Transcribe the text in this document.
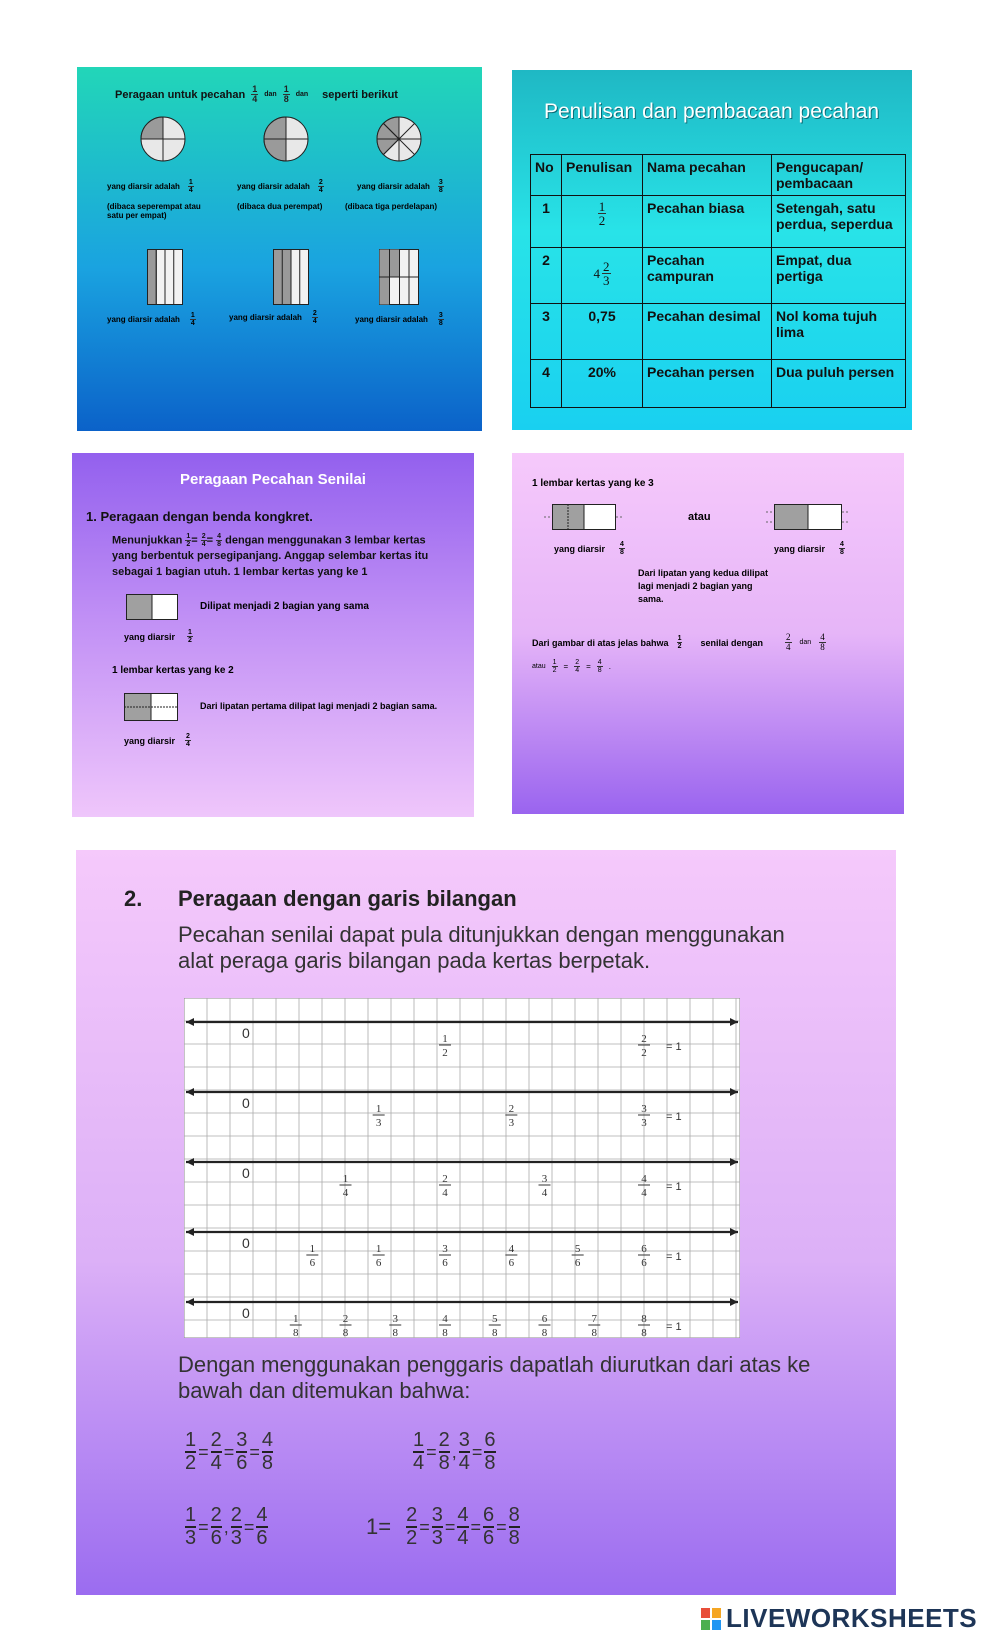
Peragaan untuk pecahan $\frac{1}{4}$ dan $\frac{1}{8}$ dan seperti berikut
yang diarsir adalah $\frac{1}{4}$	yang diarsir adalah $\frac{2}{4}$	yang diarsir adalah $\frac{3}{8}$
(dibaca seperempat atau satu per empat)
(dibaca dua perempat)	(dibaca tiga perdelapan)
yang diarsir adalah $\frac{1}{4}$	yang diarsir adalah $\frac{2}{4}$	yang diarsir adalah $\frac{3}{8}$
Penulisan dan pembacaan pecahan
No	Penulisan	Nama pecahan	Pengucapan/ pembacaan
1	$\frac{1}{2}$	Pecahan biasa	Setengah, satu perdua, seperdua
2	$4 \frac{2}{3}$	Pecahan campuran	Empat, dua pertiga
3	0,75	Pecahan desimal	Nol koma tujuh lima
4	20%	Pecahan persen	Dua puluh persen
Peragaan Pecahan Senilai
1. Peragaan dengan benda kongkret.
Menunjukkan $\frac{1}{2} = \frac{2}{4} = \frac{4}{8}$ dengan menggunakan 3 lembar kertas yang berbentuk persegipanjang. Anggap selembar kertas itu sebagai 1 bagian utuh. 1 lembar kertas yang ke 1
Dilipat menjadi 2 bagian yang sama
yang diarsir $\frac{1}{2}$
1 lembar kertas yang ke 2
Dari lipatan pertama dilipat lagi menjadi 2 bagian sama.
yang diarsir $\frac{2}{4}$
1 lembar kertas yang ke 3
atau
yang diarsir $\frac{4}{8}$	yang diarsir $\frac{4}{8}$
Dari lipatan yang kedua dilipat lagi menjadi 2 bagian yang sama.
Dari gambar di atas jelas bahwa $\frac{1}{2}$ senilai dengan $\frac{2}{4}$ dan $\frac{4}{8}$
atau $\frac{1}{2} = \frac{2}{4} = \frac{4}{8}$ .
2. Peragaan dengan garis bilangan
Pecahan senilai dapat pula ditunjukkan dengan menggunakan alat peraga garis bilangan pada kertas berpetak.
0	1
2
2
2 = 1
0	1
3
2
3
3
3 = 1
0	1
4
2
4
3
4
4
4 = 1
0	1
6
1
6
3
6
4
6
5
6
6
6 = 1
0	1
8
2
8
3
8
4
8
5
8
6
8
7
8
8
8 = 1
Dengan menggunakan penggaris dapatlah diurutkan dari atas ke bawah dan ditemukan bahwa:
$\frac{1}{2} = \frac{2}{4} = \frac{3}{6} = \frac{4}{8}$	$\frac{1}{4} = \frac{2}{8}$ , $\frac{3}{4} = \frac{6}{8}$
$\frac{1}{3} = \frac{2}{6}$ , $\frac{2}{3} = \frac{4}{6}$	$1= \frac{2}{2} = \frac{3}{3} = \frac{4}{4} = \frac{6}{6} = \frac{8}{8}$
LIVEWORKSHEETS
